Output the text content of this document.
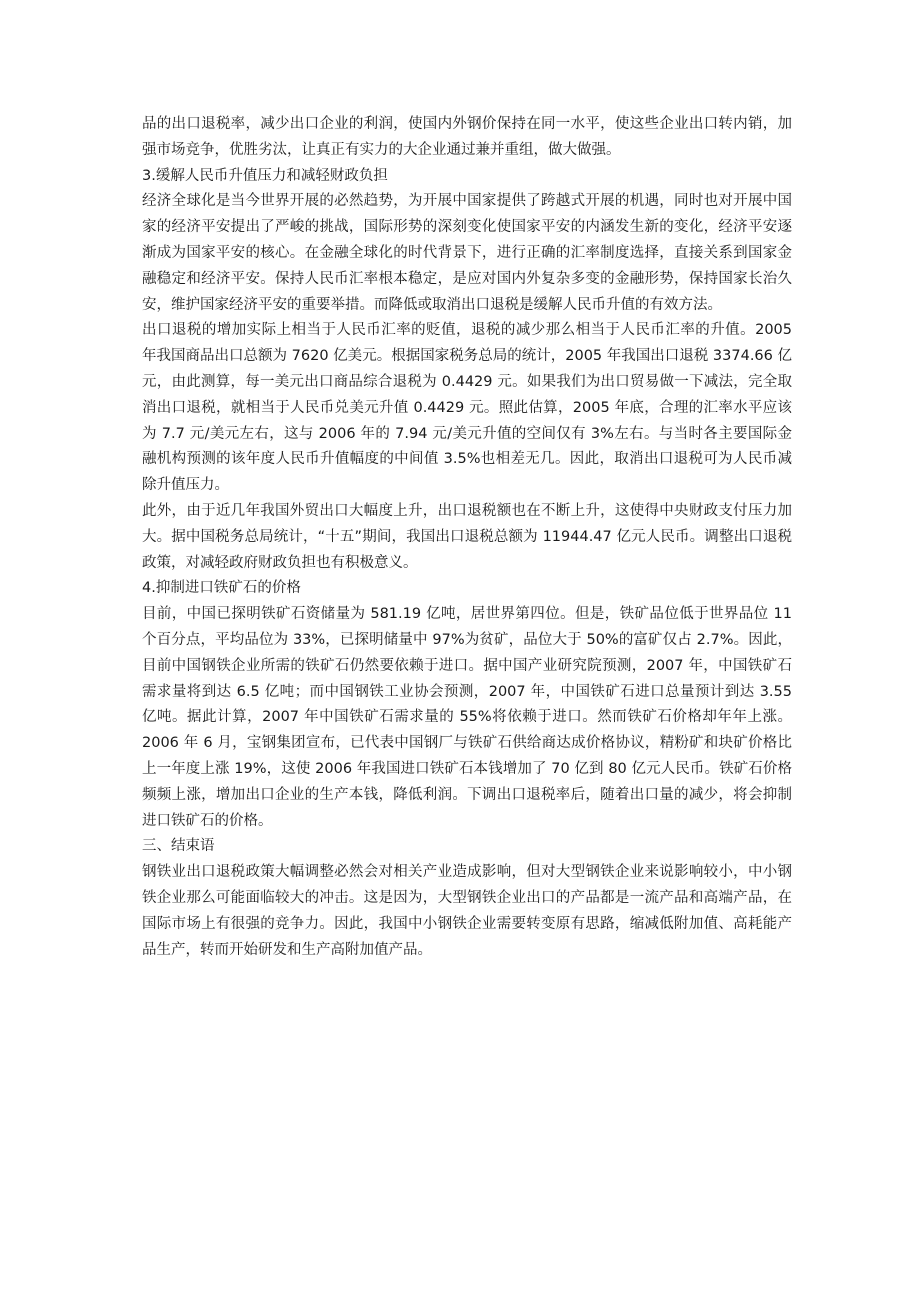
品的出口退税率，减少出口企业的利润，使国内外钢价保持在同一水平，使这些企业出口转内销，加强市场竞争，优胜劣汰，让真正有实力的大企业通过兼并重组，做大做强。

3.缓解人民币升值压力和减轻财政负担

经济全球化是当今世界开展的必然趋势，为开展中国家提供了跨越式开展的机遇，同时也对开展中国家的经济平安提出了严峻的挑战，国际形势的深刻变化使国家平安的内涵发生新的变化，经济平安逐渐成为国家平安的核心。在金融全球化的时代背景下，进行正确的汇率制度选择，直接关系到国家金融稳定和经济平安。保持人民币汇率根本稳定，是应对国内外复杂多变的金融形势，保持国家长治久安，维护国家经济平安的重要举措。而降低或取消出口退税是缓解人民币升值的有效方法。

出口退税的增加实际上相当于人民币汇率的贬值，退税的减少那么相当于人民币汇率的升值。2005 年我国商品出口总额为 7620 亿美元。根据国家税务总局的统计，2005 年我国出口退税 3374.66 亿元，由此测算，每一美元出口商品综合退税为 0.4429 元。如果我们为出口贸易做一下减法，完全取消出口退税，就相当于人民币兑美元升值 0.4429 元。照此估算，2005 年底，合理的汇率水平应该为 7.7 元/美元左右，这与 2006 年的 7.94 元/美元升值的空间仅有 3%左右。与当时各主要国际金融机构预测的该年度人民币升值幅度的中间值 3.5%也相差无几。因此，取消出口退税可为人民币减除升值压力。

此外，由于近几年我国外贸出口大幅度上升，出口退税额也在不断上升，这使得中央财政支付压力加大。据中国税务总局统计，“十五”期间，我国出口退税总额为 11944.47 亿元人民币。调整出口退税政策，对减轻政府财政负担也有积极意义。

4.抑制进口铁矿石的价格

目前，中国已探明铁矿石资储量为 581.19 亿吨，居世界第四位。但是，铁矿品位低于世界品位 11 个百分点，平均品位为 33%，已探明储量中 97%为贫矿，品位大于 50%的富矿仅占 2.7%。因此，目前中国钢铁企业所需的铁矿石仍然要依赖于进口。据中国产业研究院预测，2007 年，中国铁矿石需求量将到达 6.5 亿吨；而中国钢铁工业协会预测，2007 年，中国铁矿石进口总量预计到达 3.55 亿吨。据此计算，2007 年中国铁矿石需求量的 55%将依赖于进口。然而铁矿石价格却年年上涨。2006 年 6 月，宝钢集团宣布，已代表中国钢厂与铁矿石供给商达成价格协议，精粉矿和块矿价格比上一年度上涨 19%，这使 2006 年我国进口铁矿石本钱增加了 70 亿到 80 亿元人民币。铁矿石价格频频上涨，增加出口企业的生产本钱，降低利润。下调出口退税率后，随着出口量的减少，将会抑制进口铁矿石的价格。

三、结束语

钢铁业出口退税政策大幅调整必然会对相关产业造成影响，但对大型钢铁企业来说影响较小，中小钢铁企业那么可能面临较大的冲击。这是因为，大型钢铁企业出口的产品都是一流产品和高端产品，在国际市场上有很强的竞争力。因此，我国中小钢铁企业需要转变原有思路，缩减低附加值、高耗能产品生产，转而开始研发和生产高附加值产品。
